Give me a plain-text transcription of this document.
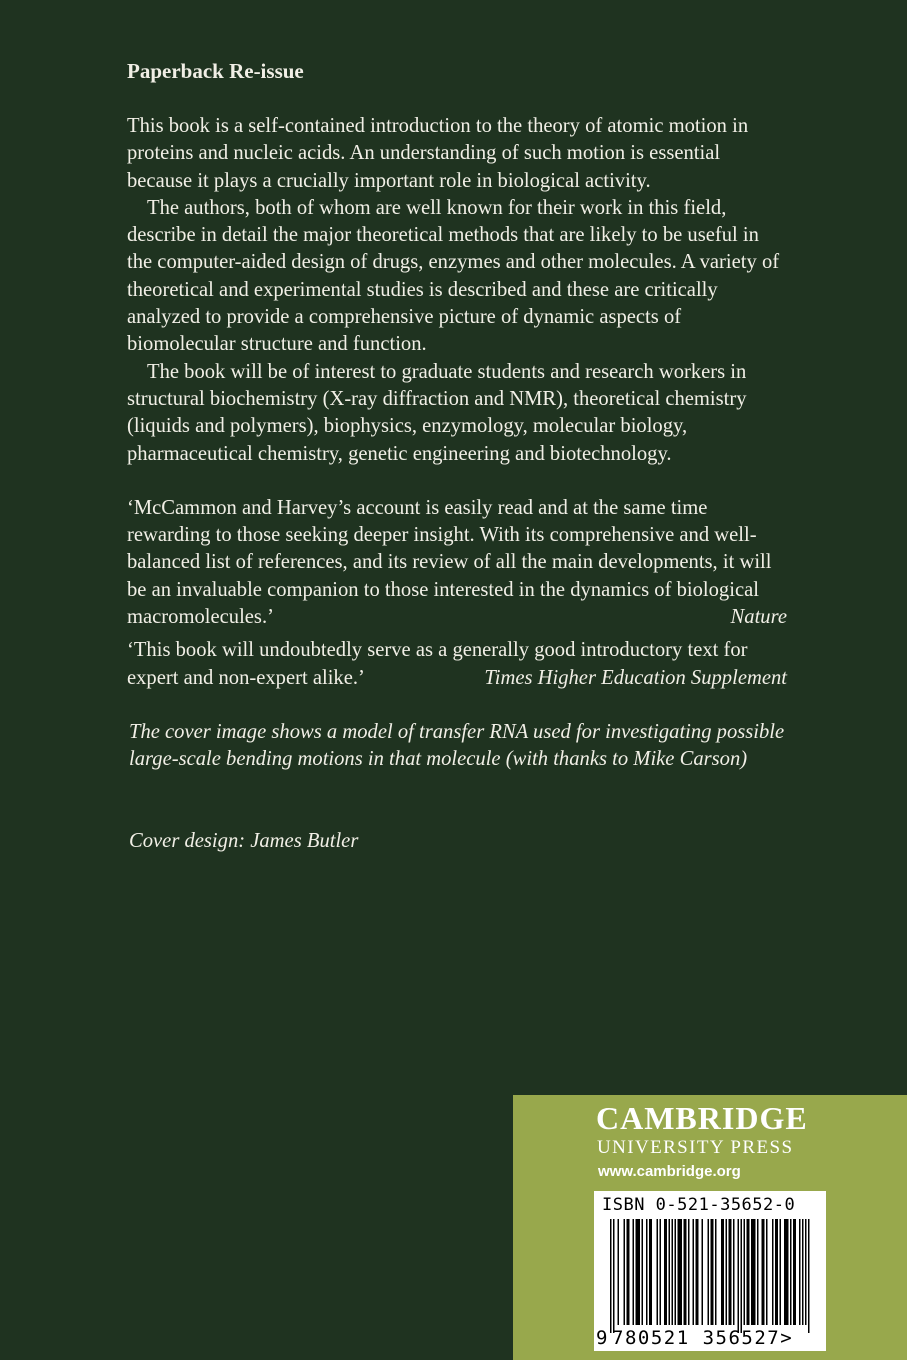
Paperback Re-issue

This book is a self-contained introduction to the theory of atomic motion in proteins and nucleic acids. An understanding of such motion is essential because it plays a crucially important role in biological activity.

The authors, both of whom are well known for their work in this field, describe in detail the major theoretical methods that are likely to be useful in the computer-aided design of drugs, enzymes and other molecules. A variety of theoretical and experimental studies is described and these are critically analyzed to provide a comprehensive picture of dynamic aspects of biomolecular structure and function.

The book will be of interest to graduate students and research workers in structural biochemistry (X-ray diffraction and NMR), theoretical chemistry (liquids and polymers), biophysics, enzymology, molecular biology, pharmaceutical chemistry, genetic engineering and biotechnology.

‘McCammon and Harvey’s account is easily read and at the same time rewarding to those seeking deeper insight. With its comprehensive and well-balanced list of references, and its review of all the main developments, it will be an invaluable companion to those interested in the dynamics of biological macromolecules.’	Nature

‘This book will undoubtedly serve as a generally good introductory text for expert and non-expert alike.’	Times Higher Education Supplement

The cover image shows a model of transfer RNA used for investigating possible large-scale bending motions in that molecule (with thanks to Mike Carson)

Cover design: James Butler

CAMBRIDGE
UNIVERSITY PRESS
www.cambridge.org
ISBN 0-521-35652-0
9 780521 356527>
